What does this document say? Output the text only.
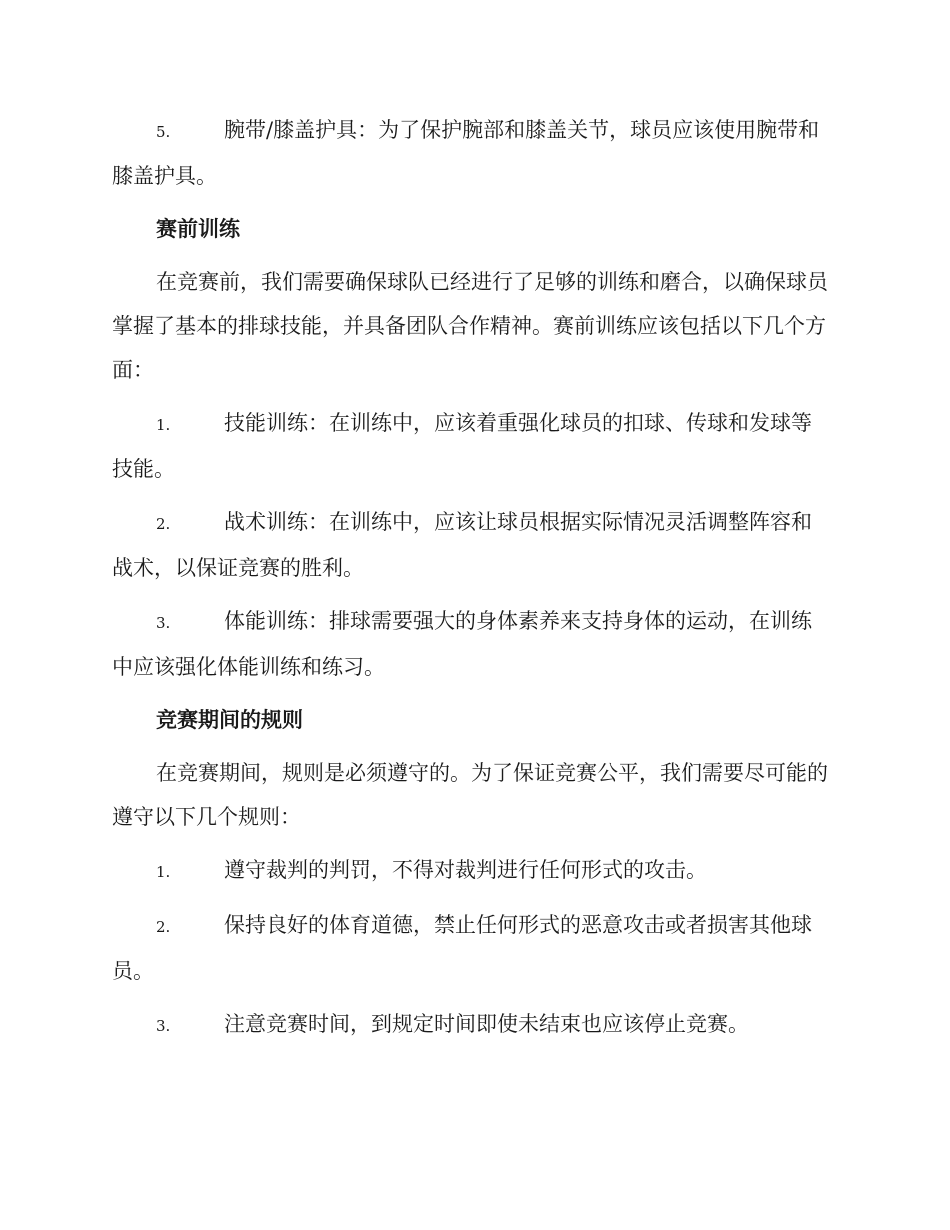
5.	腕带/膝盖护具：为了保护腕部和膝盖关节，球员应该使用腕带和膝盖护具。
赛前训练
在竞赛前，我们需要确保球队已经进行了足够的训练和磨合，以确保球员掌握了基本的排球技能，并具备团队合作精神。赛前训练应该包括以下几个方面：
1.	技能训练：在训练中，应该着重强化球员的扣球、传球和发球等技能。
2.	战术训练：在训练中，应该让球员根据实际情况灵活调整阵容和战术，以保证竞赛的胜利。
3.	体能训练：排球需要强大的身体素养来支持身体的运动，在训练中应该强化体能训练和练习。
竞赛期间的规则
在竞赛期间，规则是必须遵守的。为了保证竞赛公平，我们需要尽可能的遵守以下几个规则：
1.	遵守裁判的判罚，不得对裁判进行任何形式的攻击。
2.	保持良好的体育道德，禁止任何形式的恶意攻击或者损害其他球员。
3.	注意竞赛时间，到规定时间即使未结束也应该停止竞赛。
